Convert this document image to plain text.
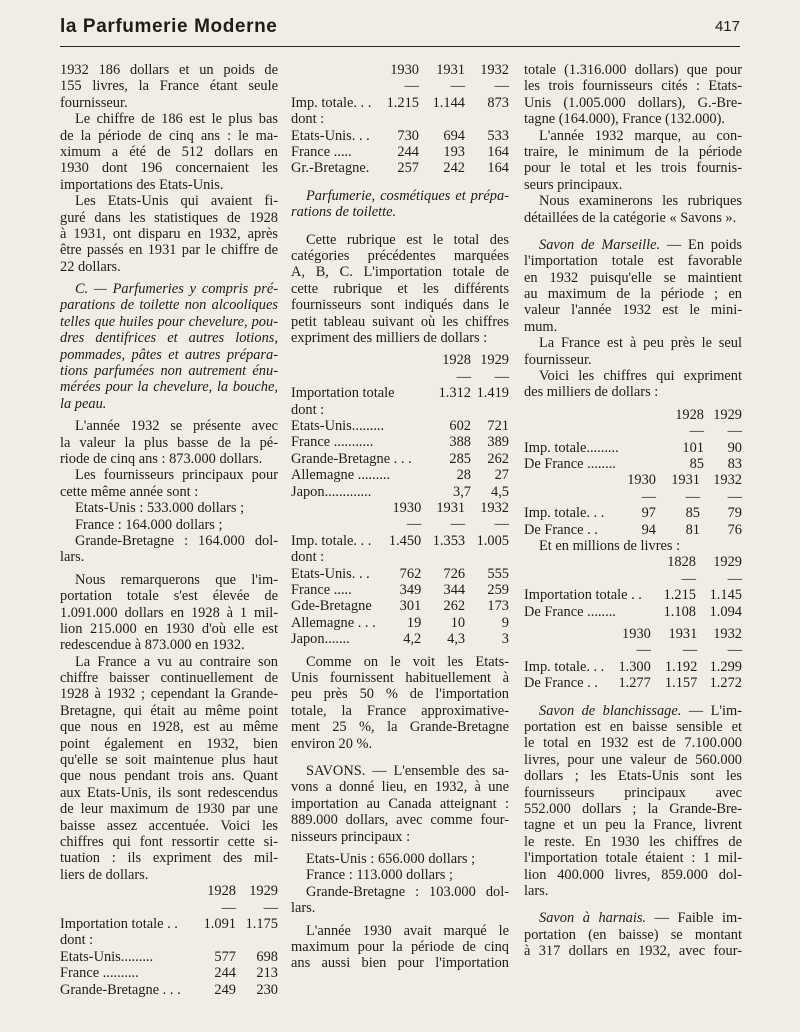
la Parfumerie Moderne	417
1932 186 dollars et un poids de
155 livres, la France étant seule
fournisseur.
Le chiffre de 186 est le plus bas
de la période de cinq ans : le ma-
ximum a été de 512 dollars en
1930 dont 196 concernaient les
importations des Etats-Unis.
Les Etats-Unis qui avaient fi-
guré dans les statistiques de 1928
à 1931, ont disparu en 1932, après
être passés en 1931 par le chiffre de
22 dollars.
C. — Parfumeries y compris pré-
parations de toilette non alcooliques
telles que huiles pour chevelure, pou-
dres dentifrices et autres lotions,
pommades, pâtes et autres prépara-
tions parfumées non autrement énu-
mérées pour la chevelure, la bouche,
la peau.
L'année 1932 se présente avec
la valeur la plus basse de la pé-
riode de cinq ans : 873.000 dollars.
Les fournisseurs principaux pour
cette même année sont :
Etats-Unis : 533.000 dollars ;
France : 164.000 dollars ;
Grande-Bretagne : 164.000 dol-
lars.
Nous remarquerons que l'im-
portation totale s'est élevée de
1.091.000 dollars en 1928 à 1 mil-
lion 215.000 en 1930 d'où elle est
redescendue à 873.000 en 1932.
La France a vu au contraire son
chiffre baisser continuellement de
1928 à 1932 ; cependant la Grande-
Bretagne, qui était au même point
que nous en 1928, est au même
point également en 1932, bien
qu'elle se soit maintenue plus haut
que nous pendant trois ans. Quant
aux Etats-Unis, ils sont redescendus
de leur maximum de 1930 par une
baisse assez accentuée. Voici les
chiffres qui font ressortir cette si-
tuation : ils expriment des mil-
liers de dollars.
	1928	1929
	—	—
Importation totale . .	1.091	1.175
dont :		
Etats-Unis.........	577	698
France ..........	244	213
Grande-Bretagne . . .	249	230
	1930	1931	1932
	—	—	—
Imp. totale. . .	1.215	1.144	873
dont :			
Etats-Unis. . .	730	694	533
France .....	244	193	164
Gr.-Bretagne.	257	242	164
Parfumerie, cosmétiques et prépa-
rations de toilette.
Cette rubrique est le total des
catégories précédentes marquées
A, B, C. L'importation totale de
cette rubrique et les différents
fournisseurs sont indiqués dans le
petit tableau suivant où les chiffres
expriment des milliers de dollars :
	1928	1929
	—	—
Importation totale	1.312	1.419
dont :		
Etats-Unis.........	602	721
France ...........	388	389
Grande-Bretagne . . .	285	262
Allemagne .........	28	27
Japon.............	3,7	4,5
	1930	1931	1932
	—	—	—
Imp. totale. . .	1.450	1.353	1.005
dont :			
Etats-Unis. . .	762	726	555
France .....	349	344	259
Gde-Bretagne	301	262	173
Allemagne . . .	19	10	9
Japon.......	4,2	4,3	3
Comme on le voit les Etats-
Unis fournissent habituellement à
peu près 50 % de l'importation
totale, la France approximative-
ment 25 %, la Grande-Bretagne
environ 20 %.
SAVONS. — L'ensemble des sa-
vons a donné lieu, en 1932, à une
importation au Canada atteignant :
889.000 dollars, avec comme four-
nisseurs principaux :
Etats-Unis : 656.000 dollars ;
France : 113.000 dollars ;
Grande-Bretagne : 103.000 dol-
lars.
L'année 1930 avait marqué le
maximum pour la période de cinq
ans aussi bien pour l'importation
totale (1.316.000 dollars) que pour
les trois fournisseurs cités : Etats-
Unis (1.005.000 dollars), G.-Bre-
tagne (164.000), France (132.000).
L'année 1932 marque, au con-
traire, le minimum de la période
pour le total et les trois fournis-
seurs principaux.
Nous examinerons les rubriques
détaillées de la catégorie « Savons ».
Savon de Marseille. — En poids
l'importation totale est favorable
en 1932 puisqu'elle se maintient
au maximum de la période ; en
valeur l'année 1932 est le mini-
mum.
La France est à peu près le seul
fournisseur.
Voici les chiffres qui expriment
des milliers de dollars :
	1928	1929
	—	—
Imp. totale.........	101	90
De France ........	85	83
	1930	1931	1932
	—	—	—
Imp. totale. . .	97	85	79
De France . .	94	81	76
Et en millions de livres :
	1828	1929
	—	—
Importation totale . .	1.215	1.145
De France ........	1.108	1.094
	1930	1931	1932
	—	—	—
Imp. totale. . .	1.300	1.192	1.299
De France . .	1.277	1.157	1.272
Savon de blanchissage. — L'im-
portation est en baisse sensible et
le total en 1932 est de 7.100.000
livres, pour une valeur de 560.000
dollars ; les Etats-Unis sont les
fournisseurs principaux avec
552.000 dollars ; la Grande-Bre-
tagne et un peu la France, livrent
le reste. En 1930 les chiffres de
l'importation totale étaient : 1 mil-
lion 400.000 livres, 859.000 dol-
lars.
Savon à harnais. — Faible im-
portation (en baisse) se montant
à 317 dollars en 1932, avec four-
